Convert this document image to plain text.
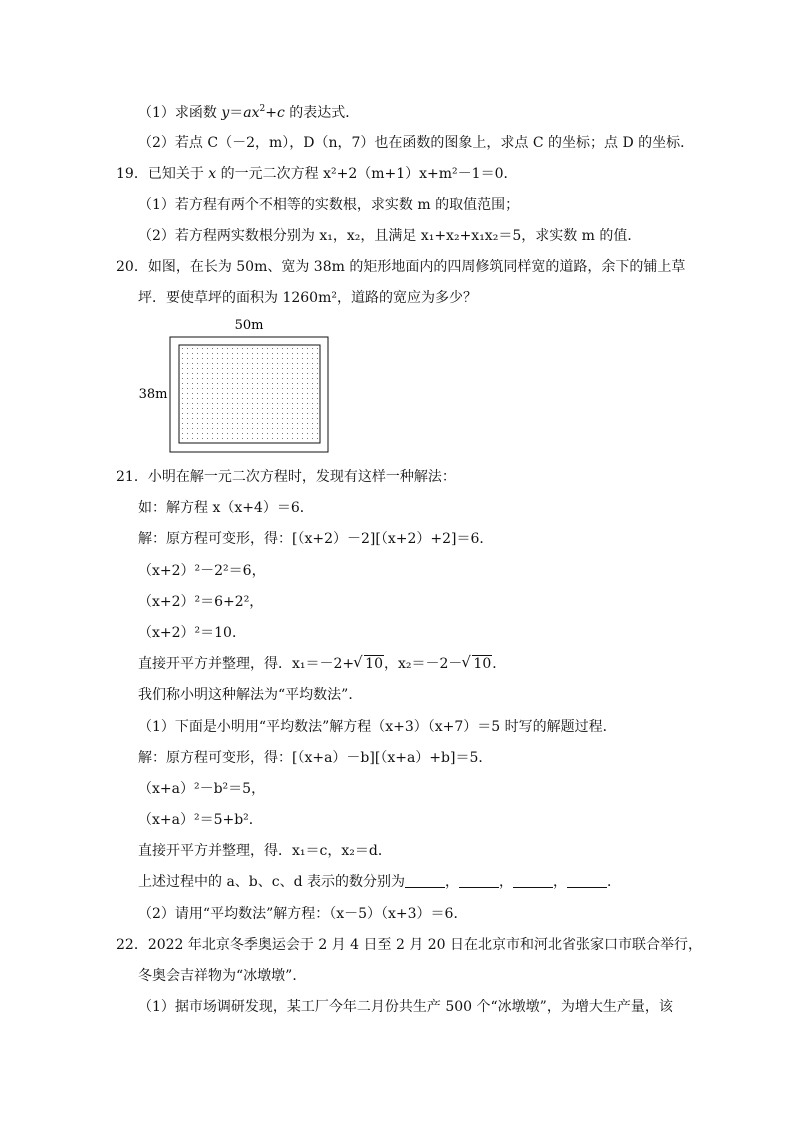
（1）求函数 $y=ax^2+c$ 的表达式．
（2）若点 C（－2，m），D（n，7）也在函数的图象上，求点 C 的坐标；点 D 的坐标．
19．已知关于 x 的一元二次方程 x²+2（m+1）x+m²－1＝0．
（1）若方程有两个不相等的实数根，求实数 m 的取值范围；
（2）若方程两实数根分别为 x₁，x₂，且满足 x₁+x₂+x₁x₂＝5，求实数 m 的值．
20．如图，在长为 50m、宽为 38m 的矩形地面内的四周修筑同样宽的道路，余下的铺上草
坪．要使草坪的面积为 1260m²，道路的宽应为多少？
50m
38m
21．小明在解一元二次方程时，发现有这样一种解法：
如：解方程 x（x+4）＝6．
解：原方程可变形，得：[（x+2）－2][（x+2）+2]＝6．
（x+2）²－2²＝6，
（x+2）²＝6+2²，
（x+2）²＝10．
直接开平方并整理，得．x₁＝－2+ √ 10，x₂＝－2－ √ 10．
我们称小明这种解法为“平均数法”．
（1）下面是小明用“平均数法”解方程（x+3）（x+7）＝5 时写的解题过程．
解：原方程可变形，得：[（x+a）－b][（x+a）+b]＝5．
（x+a）²－b²＝5，
（x+a）²＝5+b²．
直接开平方并整理，得．x₁＝c，x₂＝d．
上述过程中的 a、b、c、d 表示的数分别为	，	，	，	．
（2）请用“平均数法”解方程：（x－5）（x+3）＝6．
22．2022 年北京冬季奥运会于 2 月 4 日至 2 月 20 日在北京市和河北省张家口市联合举行，
冬奥会吉祥物为“冰墩墩”．
（1）据市场调研发现，某工厂今年二月份共生产 500 个“冰墩墩”，为增大生产量，该
